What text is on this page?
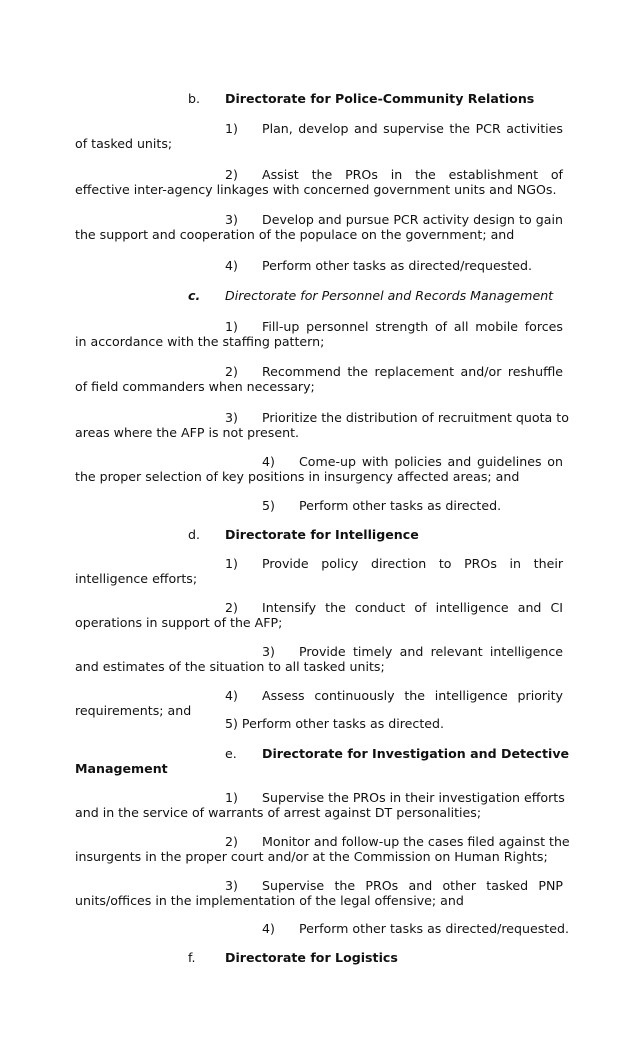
b. Directorate for Police-Community Relations
1)	Plan, develop and supervise the PCR activities
of tasked units;
2)	Assist the PROs in the establishment of
effective inter-agency linkages with concerned government units and NGOs.
3)	Develop and pursue PCR activity design to gain
the support and cooperation of the populace on the government; and
4) Perform other tasks as directed/requested.
c. Directorate for Personnel and Records Management
1)	Fill-up personnel strength of all mobile forces
in accordance with the staffing pattern;
2)	Recommend the replacement and/or reshuffle
of field commanders when necessary;
3)	Prioritize the distribution of recruitment quota to
areas where the AFP is not present.
4)	Come-up with policies and guidelines on
the proper selection of key positions in insurgency affected areas; and
5) Perform other tasks as directed.
d. Directorate for Intelligence
1)	Provide policy direction to PROs in their
intelligence efforts;
2)	Intensify the conduct of intelligence and CI
operations in support of the AFP;
3)	Provide timely and relevant intelligence
and estimates of the situation to all tasked units;
4)	Assess continuously the intelligence priority
requirements; and
5) Perform other tasks as directed.
e.	Directorate for Investigation and Detective
Management
1)	Supervise the PROs in their investigation efforts
and in the service of warrants of arrest against DT personalities;
2)	Monitor and follow-up the cases filed against the
insurgents in the proper court and/or at the Commission on Human Rights;
3)	Supervise the PROs and other tasked PNP
units/offices in the implementation of the legal offensive; and
4) Perform other tasks as directed/requested.
f. Directorate for Logistics
